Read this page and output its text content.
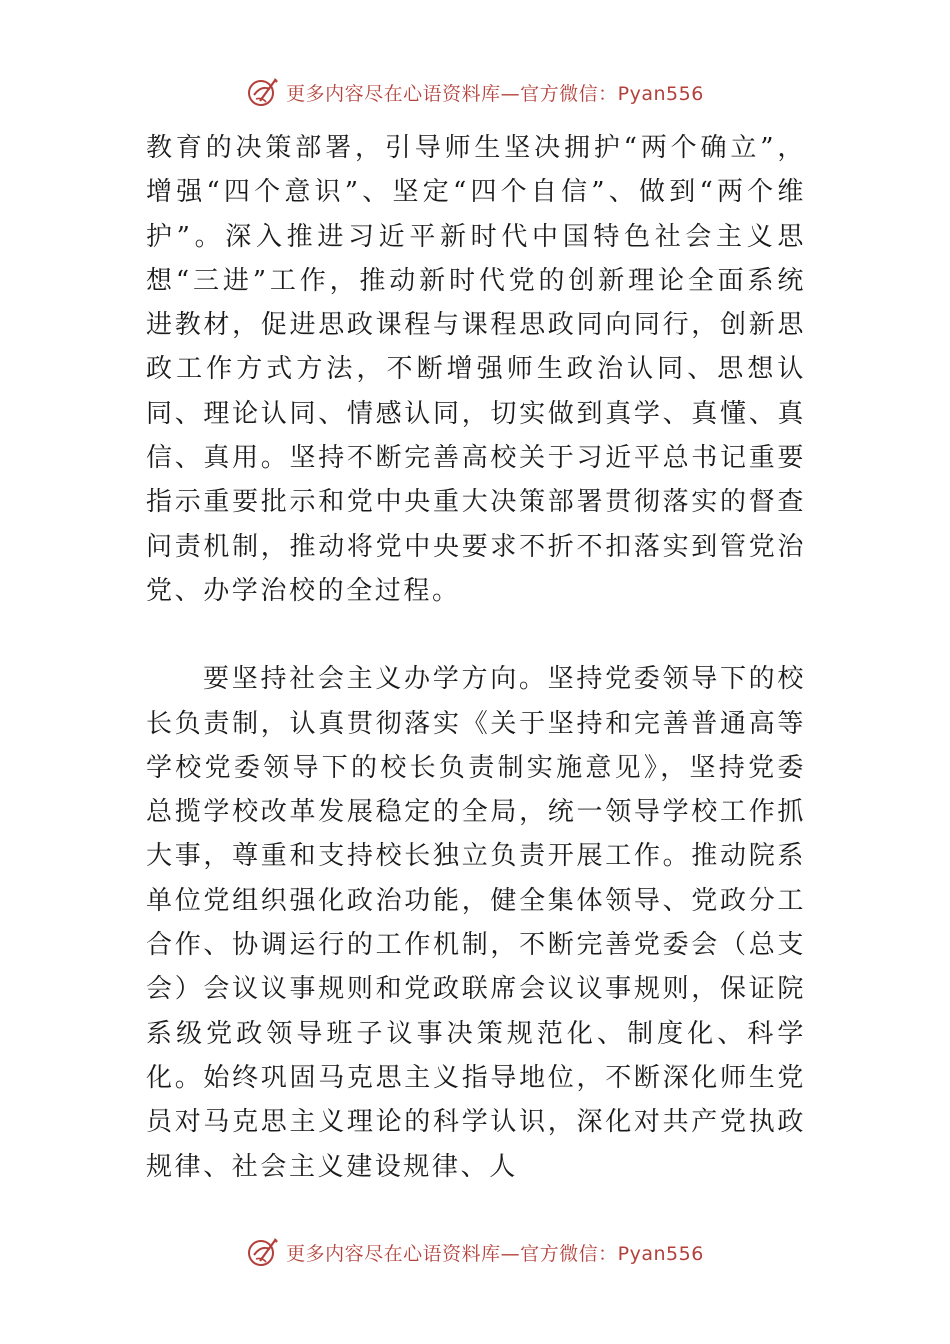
更多内容尽在心语资料库—官方微信：Pyan556

教育的决策部署，引导师生坚决拥护“两个确立”，增强“四个意识”、坚定“四个自信”、做到“两个维护”。深入推进习近平新时代中国特色社会主义思想“三进”工作，推动新时代党的创新理论全面系统进教材，促进思政课程与课程思政同向同行，创新思政工作方式方法，不断增强师生政治认同、思想认同、理论认同、情感认同，切实做到真学、真懂、真信、真用。坚持不断完善高校关于习近平总书记重要指示重要批示和党中央重大决策部署贯彻落实的督查问责机制，推动将党中央要求不折不扣落实到管党治党、办学治校的全过程。

要坚持社会主义办学方向。坚持党委领导下的校长负责制，认真贯彻落实《关于坚持和完善普通高等学校党委领导下的校长负责制实施意见》，坚持党委总揽学校改革发展稳定的全局，统一领导学校工作抓大事，尊重和支持校长独立负责开展工作。推动院系单位党组织强化政治功能，健全集体领导、党政分工合作、协调运行的工作机制，不断完善党委会（总支会）会议议事规则和党政联席会议议事规则，保证院系级党政领导班子议事决策规范化、制度化、科学化。始终巩固马克思主义指导地位，不断深化师生党员对马克思主义理论的科学认识，深化对共产党执政规律、社会主义建设规律、人

更多内容尽在心语资料库—官方微信：Pyan556
